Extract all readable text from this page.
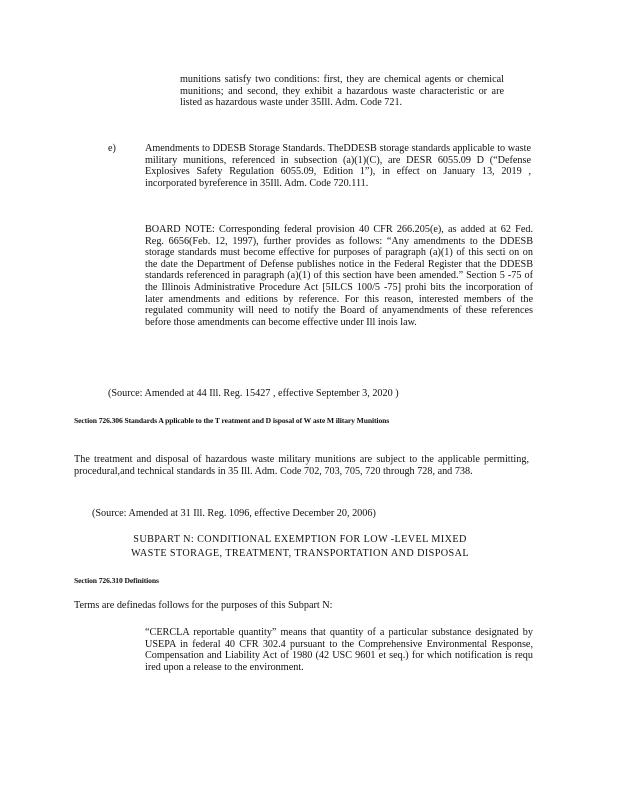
munitions satisfy two conditions: first, they are chemical agents or chemical munitions; and second, they exhibit a hazardous waste characteristic or are listed as hazardous waste under 35Ill. Adm. Code 721.

e)	Amendments to DDESB Storage Standards. TheDDESB storage standards applicable to waste military munitions, referenced in subsection (a)(1)(C), are DESR 6055.09 D (“Defense Explosives Safety Regulation 6055.09, Edition 1”), in effect on January 13, 2019 , incorporated byreference in 35Ill. Adm. Code 720.111.

BOARD NOTE: Corresponding federal provision 40 CFR 266.205(e), as added at 62 Fed. Reg. 6656(Feb. 12, 1997), further provides as follows: “Any amendments to the DDESB storage standards must become effective for purposes of paragraph (a)(1) of this secti on on the date the Department of Defense publishes notice in the Federal Register that the DDESB standards referenced in paragraph (a)(1) of this section have been amended.” Section 5 -75 of the Illinois Administrative Procedure Act [5ILCS 100/5 -75] prohi bits the incorporation of later amendments and editions by reference. For this reason, interested members of the regulated community will need to notify the Board of anyamendments of these references before those amendments can become effective under Ill inois law.

(Source: Amended at 44 Ill. Reg. 15427 , effective September 3, 2020 )

Section 726.306 Standards A pplicable to the T reatment and D isposal of W aste M ilitary Munitions

The treatment and disposal of hazardous waste military munitions are subject to the applicable permitting, procedural,and technical standards in 35 Ill. Adm. Code 702, 703, 705, 720 through 728, and 738.

(Source: Amended at 31 Ill. Reg. 1096, effective December 20, 2006)

SUBPART N: CONDITIONAL EXEMPTION FOR LOW -LEVEL MIXED
WASTE STORAGE, TREATMENT, TRANSPORTATION AND DISPOSAL
Section 726.310 Definitions

Terms are definedas follows for the purposes of this Subpart N:

“CERCLA reportable quantity” means that quantity of a particular substance designated by USEPA in federal 40 CFR 302.4 pursuant to the Comprehensive Environmental Response, Compensation and Liability Act of 1980 (42 USC 9601 et seq.) for which notification is requ ired upon a release to the environment.
